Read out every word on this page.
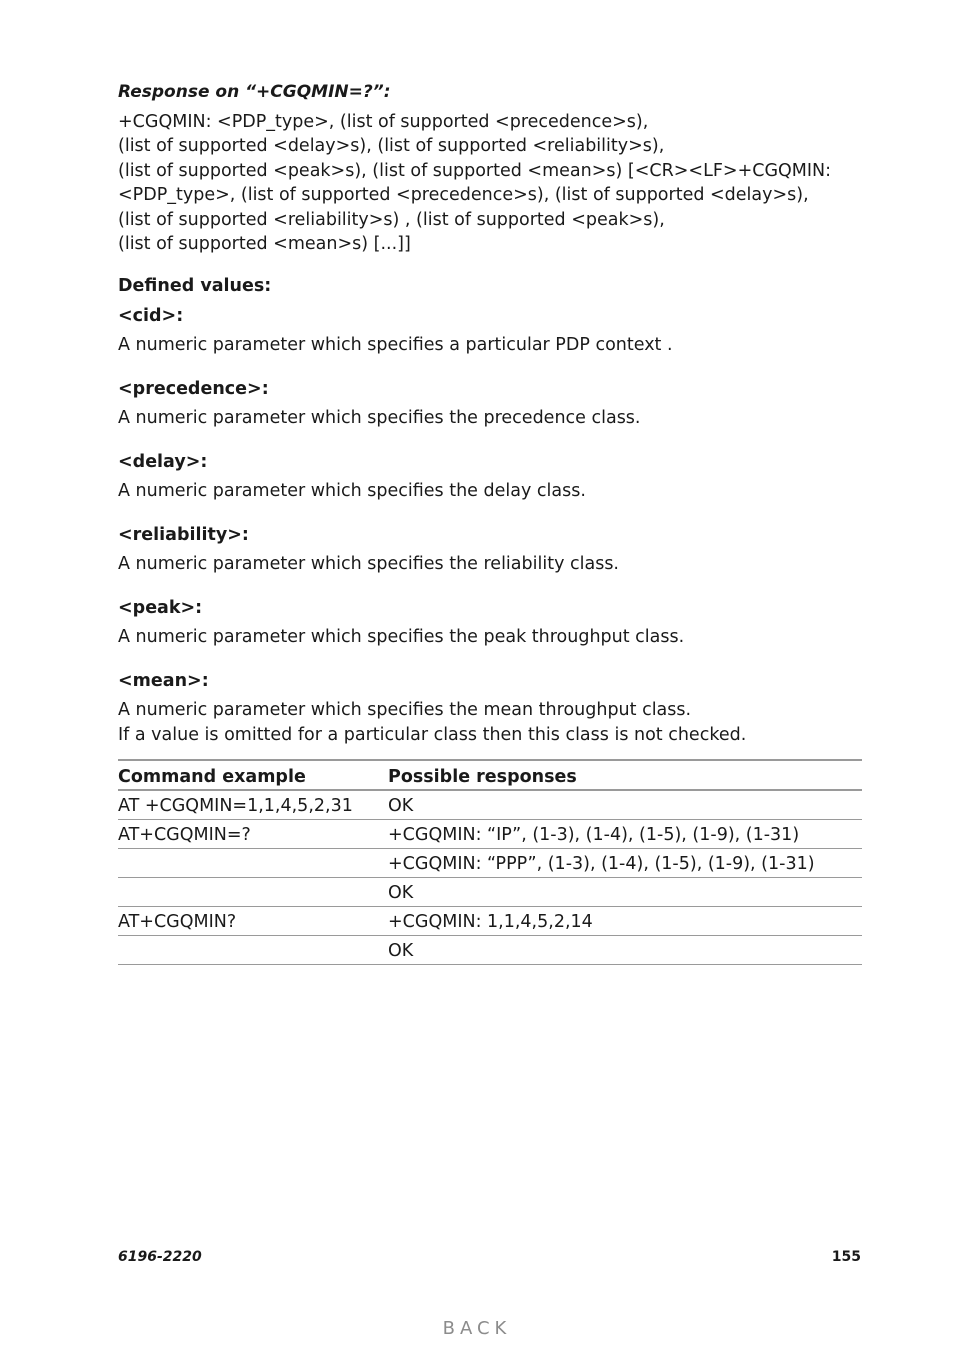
Response on “+CGQMIN=?”:
+CGQMIN: <PDP_type>, (list of supported <precedence>s),
(list of supported <delay>s), (list of supported <reliability>s),
(list of supported <peak>s), (list of supported <mean>s) [<CR><LF>+CGQMIN:
<PDP_type>, (list of supported <precedence>s), (list of supported <delay>s),
(list of supported <reliability>s) , (list of supported <peak>s),
(list of supported <mean>s) [...]]
Defined values:
<cid>:
A numeric parameter which specifies a particular PDP context .
<precedence>:
A numeric parameter which specifies the precedence class.
<delay>:
A numeric parameter which specifies the delay class.
<reliability>:
A numeric parameter which specifies the reliability class.
<peak>:
A numeric parameter which specifies the peak throughput class.
<mean>:
A numeric parameter which specifies the mean throughput class.
If a value is omitted for a particular class then this class is not checked.
Command example	Possible responses
AT +CGQMIN=1,1,4,5,2,31	OK
AT+CGQMIN=?	+CGQMIN: “IP”, (1-3), (1-4), (1-5), (1-9), (1-31)
	+CGQMIN: “PPP”, (1-3), (1-4), (1-5), (1-9), (1-31)
	OK
AT+CGQMIN?	+CGQMIN: 1,1,4,5,2,14
	OK
6196-2220	155
BACK
